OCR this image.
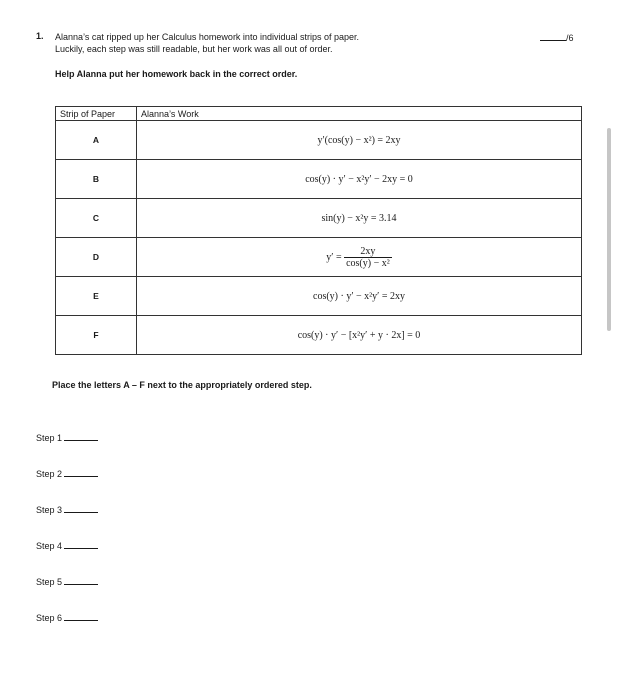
1. Alanna’s cat ripped up her Calculus homework into individual strips of paper.
Luckily, each step was still readable, but her work was all out of order.
/6
Help Alanna put her homework back in the correct order.
Strip of Paper	Alanna’s Work
A	y′(cos(y) − x²) = 2xy
B	cos(y) · y′ − x²y′ − 2xy = 0
C	sin(y) − x²y = 3.14
D	$y' = \frac{2xy}{\text{cos(y) − x²}}$

E	cos(y) · y′ − x²y′ = 2xy
F	cos(y) · y′ − [x²y′ + y · 2x] = 0
Place the letters A – F next to the appropriately ordered step.
Step 1
Step 2
Step 3
Step 4
Step 5
Step 6
